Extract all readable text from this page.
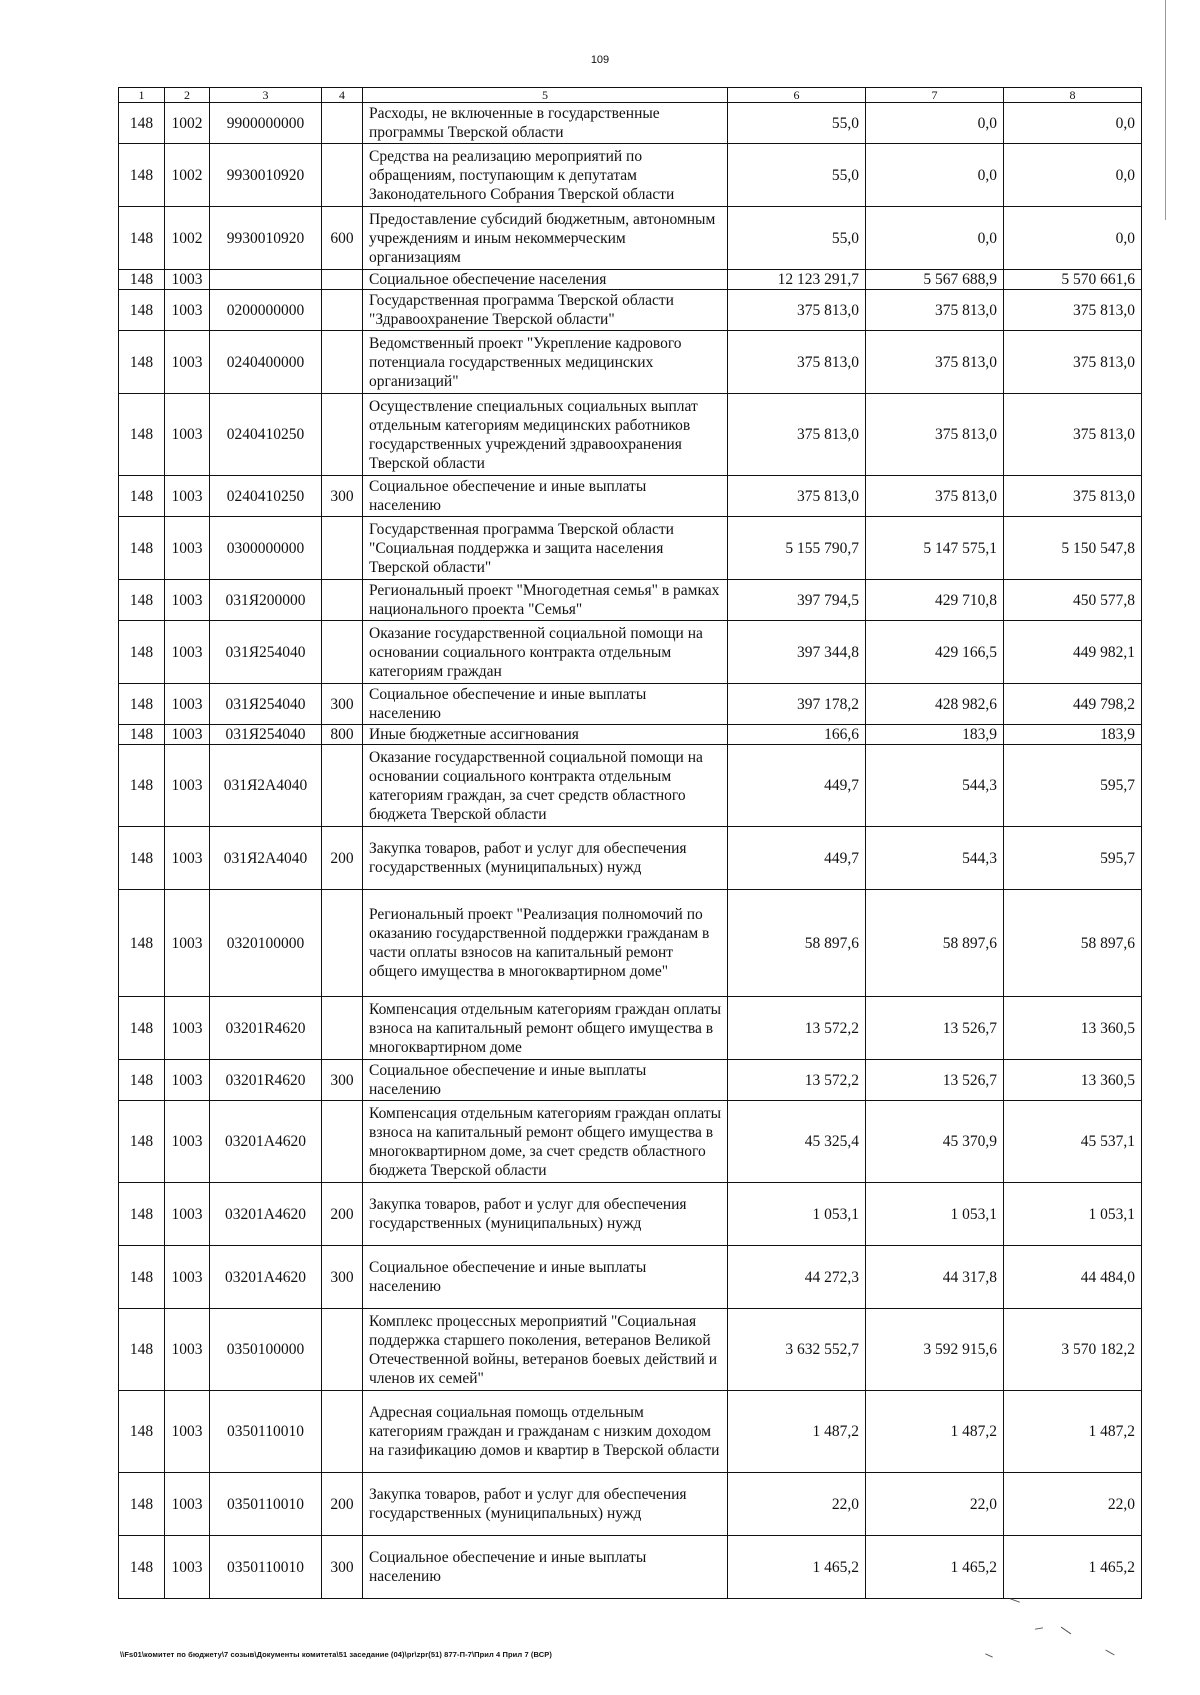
109
1	2	3	4	5	6	7	8
148	1002	9900000000		Расходы, не включенные в государственные программы Тверской области	55,0	0,0	0,0
148	1002	9930010920		Средства на реализацию мероприятий по обращениям, поступающим к депутатам Законодательного Собрания Тверской области	55,0	0,0	0,0
148	1002	9930010920	600	Предоставление субсидий бюджетным, автономным учреждениям и иным некоммерческим организациям	55,0	0,0	0,0
148	1003			Социальное обеспечение населения	12 123 291,7	5 567 688,9	5 570 661,6
148	1003	0200000000		Государственная программа Тверской области "Здравоохранение Тверской области"	375 813,0	375 813,0	375 813,0
148	1003	0240400000		Ведомственный проект "Укрепление кадрового потенциала государственных медицинских организаций"	375 813,0	375 813,0	375 813,0
148	1003	0240410250		Осуществление специальных социальных выплат отдельным категориям медицинских работников государственных учреждений здравоохранения Тверской области	375 813,0	375 813,0	375 813,0
148	1003	0240410250	300	Социальное обеспечение и иные выплаты населению	375 813,0	375 813,0	375 813,0
148	1003	0300000000		Государственная программа Тверской области "Социальная поддержка и защита населения Тверской области"	5 155 790,7	5 147 575,1	5 150 547,8
148	1003	031Я200000		Региональный проект "Многодетная семья" в рамках национального проекта "Семья"	397 794,5	429 710,8	450 577,8
148	1003	031Я254040		Оказание государственной социальной помощи на основании социального контракта отдельным категориям граждан	397 344,8	429 166,5	449 982,1
148	1003	031Я254040	300	Социальное обеспечение и иные выплаты населению	397 178,2	428 982,6	449 798,2
148	1003	031Я254040	800	Иные бюджетные ассигнования	166,6	183,9	183,9
148	1003	031Я2А4040		Оказание государственной социальной помощи на основании социального контракта отдельным категориям граждан, за счет средств областного бюджета Тверской области	449,7	544,3	595,7
148	1003	031Я2А4040	200	Закупка товаров, работ и услуг для обеспечения государственных (муниципальных) нужд	449,7	544,3	595,7
148	1003	0320100000		Региональный проект "Реализация полномочий по оказанию государственной поддержки гражданам в части оплаты взносов на капитальный ремонт общего имущества в многоквартирном доме"	58 897,6	58 897,6	58 897,6
148	1003	03201R4620		Компенсация отдельным категориям граждан оплаты взноса на капитальный ремонт общего имущества в многоквартирном доме	13 572,2	13 526,7	13 360,5
148	1003	03201R4620	300	Социальное обеспечение и иные выплаты населению	13 572,2	13 526,7	13 360,5
148	1003	03201А4620		Компенсация отдельным категориям граждан оплаты взноса на капитальный ремонт общего имущества в многоквартирном доме, за счет средств областного бюджета Тверской области	45 325,4	45 370,9	45 537,1
148	1003	03201А4620	200	Закупка товаров, работ и услуг для обеспечения государственных (муниципальных) нужд	1 053,1	1 053,1	1 053,1
148	1003	03201А4620	300	Социальное обеспечение и иные выплаты населению	44 272,3	44 317,8	44 484,0
148	1003	0350100000		Комплекс процессных мероприятий "Социальная поддержка старшего поколения, ветеранов Великой Отечественной войны, ветеранов боевых действий и членов их семей"	3 632 552,7	3 592 915,6	3 570 182,2
148	1003	0350110010		Адресная социальная помощь отдельным категориям граждан и гражданам с низким доходом на газификацию домов и квартир в Тверской области	1 487,2	1 487,2	1 487,2
148	1003	0350110010	200	Закупка товаров, работ и услуг для обеспечения государственных (муниципальных) нужд	22,0	22,0	22,0
148	1003	0350110010	300	Социальное обеспечение и иные выплаты населению	1 465,2	1 465,2	1 465,2
\\Fs01\комитет по бюджету\7 созыв\Документы комитета\51 заседание (04)\pr\zpr(51) 877-П-7\Прил 4 Прил 7 (ВСР)
